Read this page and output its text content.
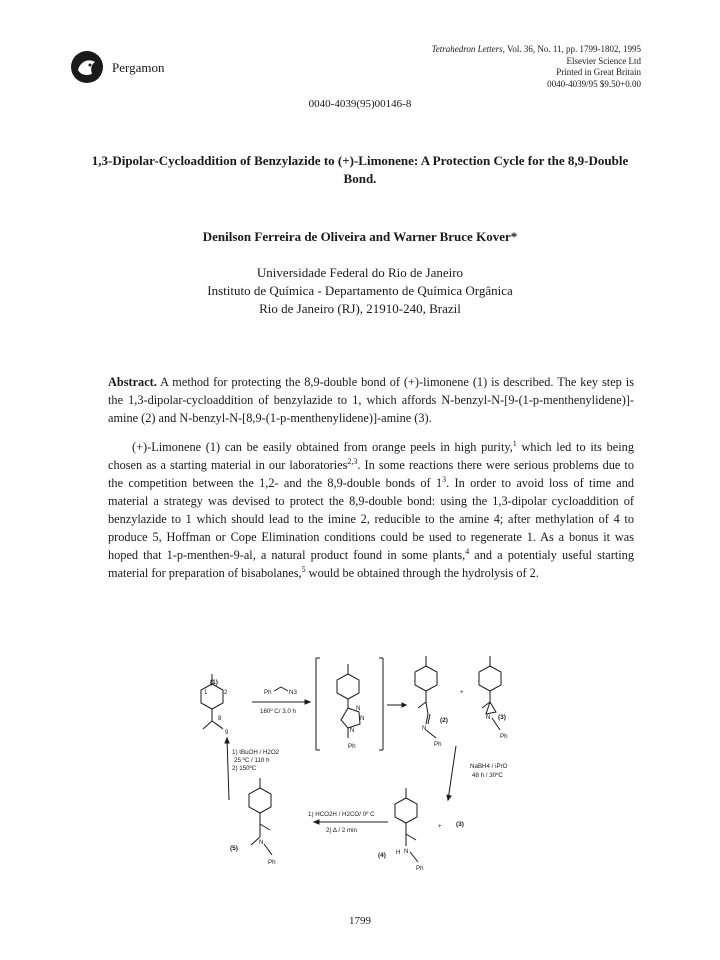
Pergamon
Tetrahedron Letters, Vol. 36, No. 11, pp. 1799-1802, 1995
Elsevier Science Ltd
Printed in Great Britain
0040-4039/95 $9.50+0.00
0040-4039(95)00146-8
1,3-Dipolar-Cycloaddition of Benzylazide to (+)-Limonene: A Protection Cycle for the 8,9-Double Bond.
Denilson Ferreira de Oliveira and Warner Bruce Kover*
Universidade Federal do Rio de Janeiro
Instituto de Química - Departamento de Química Orgânica
Rio de Janeiro (RJ), 21910-240, Brazil
Abstract. A method for protecting the 8,9-double bond of (+)-limonene (1) is described. The key step is the 1,3-dipolar-cycloaddition of benzylazide to 1, which affords N-benzyl-N-[9-(1-p-menthenylidene)]-amine (2) and N-benzyl-N-[8,9-(1-p-menthenylidene)]-amine (3).
(+)-Limonene (1) can be easily obtained from orange peels in high purity,$^1$ which led to its being chosen as a starting material in our laboratories$^{2,3}$. In some reactions there were serious problems due to the competition between the 1,2- and the 8,9-double bonds of $1^3$. In order to avoid loss of time and material a strategy was devised to protect the 8,9-double bond: using the 1,3-dipolar cycloaddition of benzylazide to 1 which should lead to the imine 2, reducible to the amine 4; after methylation of 4 to produce 5, Hoffman or Cope Elimination conditions could be used to regenerate 1. As a bonus it was hoped that 1-p-menthen-9-al, a natural product found in some plants,$^4$ and a potentialy useful starting material for preparation of bisabolanes,$^5$ would be obtained through the hydrolysis of 2.
(1)
1	2
8
9
Ph	N3
160º C/ 3.0 h	N
N
N
Ph
(2)
N
Ph
+
N (3)
Ph
NaBH4 / iPrO
48 h / 30ºC
1) tBuOH / H2O2
25 ºC / 110 h
2) 150ºC
(5)
N
Ph
1) HCO2H / H2CO/ 0º C
2) Δ / 2 min
+ (3)
(4) H N
Ph
1799
